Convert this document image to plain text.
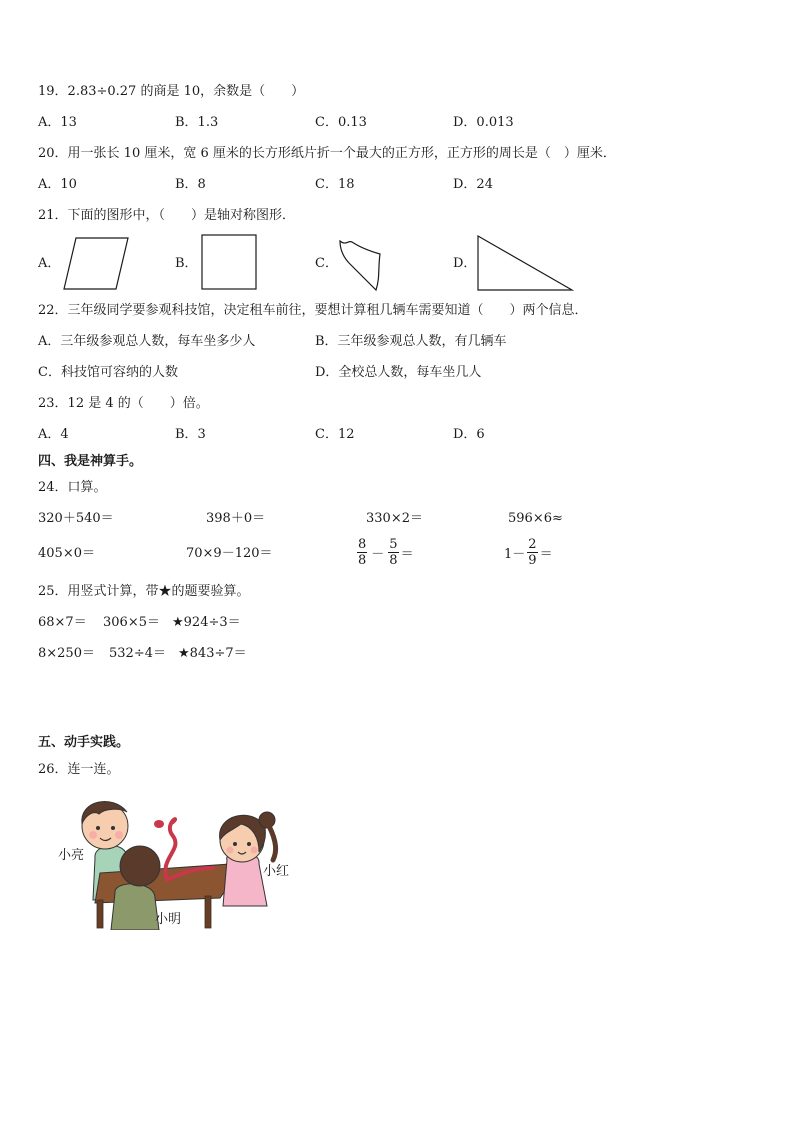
19．2.83÷0.27 的商是 10，余数是（　　）
A．13	B．1.3	C．0.13	D．0.013
20．用一张长 10 厘米，宽 6 厘米的长方形纸片折一个最大的正方形，正方形的周长是（　）厘米．
A．10	B．8	C．18	D．24
21．下面的图形中，（　　）是轴对称图形．
A．	B．	C．	D．
22．三年级同学要参观科技馆，决定租车前往，要想计算租几辆车需要知道（　　）两个信息．
A．三年级参观总人数，每车坐多少人	B．三年级参观总人数，有几辆车
C．科技馆可容纳的人数	D．全校总人数，每车坐几人
23．12 是 4 的（　　）倍。
A．4	B．3	C．12	D．6
四、我是神算手。
24．口算。
320＋540＝	398＋0＝	330×2＝	596×6≈
405×0＝	70×9－120＝	$\frac{8}{8} - \frac{5}{8}$ ＝	$1- \frac{2}{9}$ ＝
25．用竖式计算，带★的题要验算。
68×7＝ 306×5＝ ★924÷3＝
8×250＝ 532÷4＝ ★843÷7＝
五、动手实践。
26．连一连。
小亮
小明
小红
